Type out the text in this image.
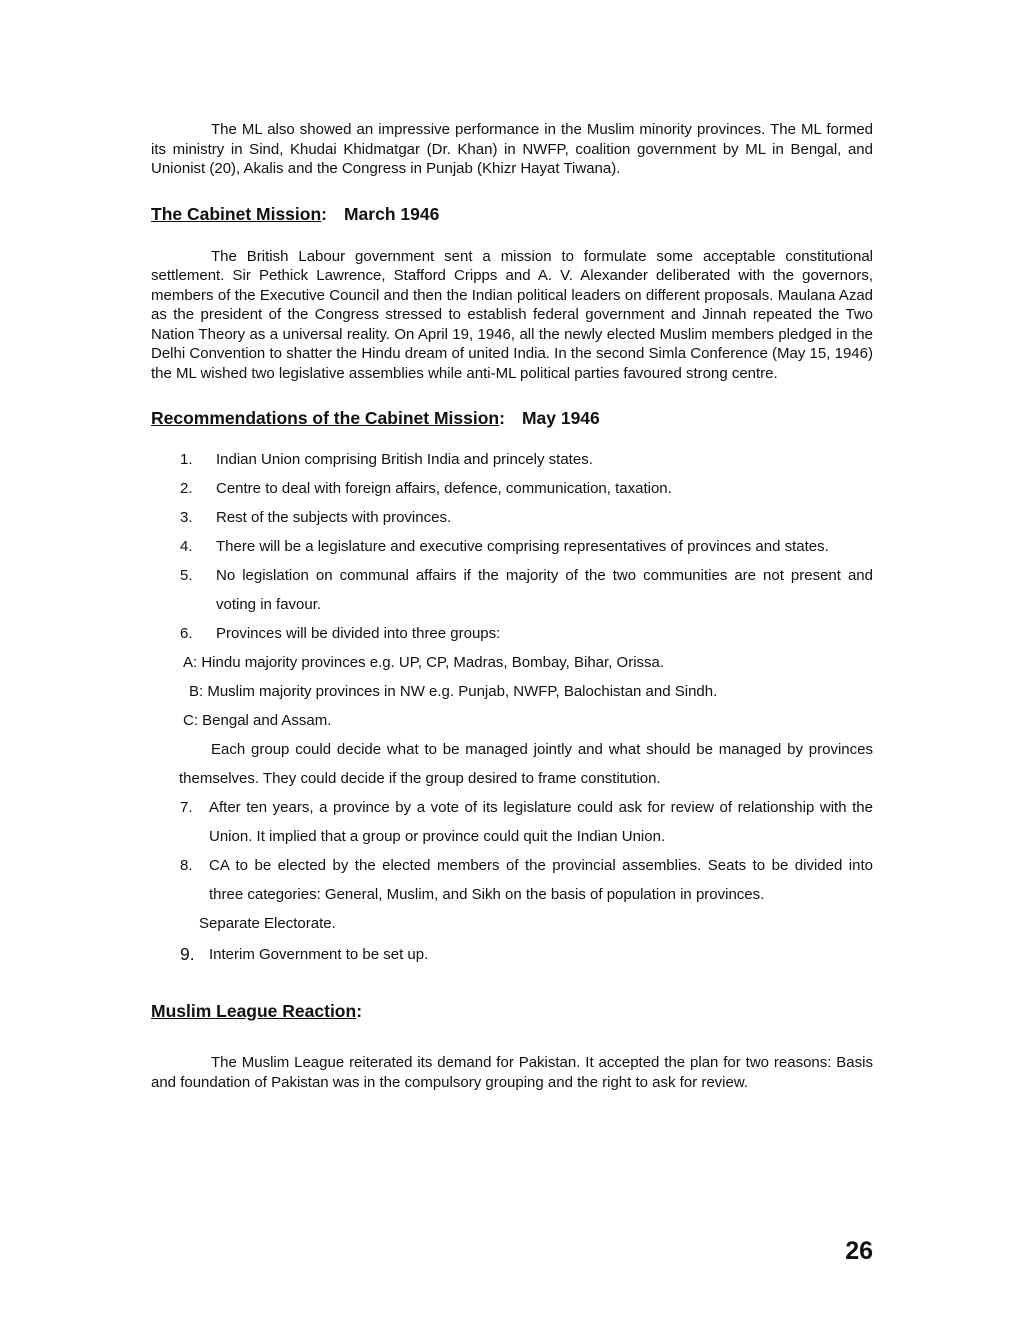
The ML also showed an impressive performance in the Muslim minority provinces. The ML formed its ministry in Sind, Khudai Khidmatgar (Dr. Khan) in NWFP, coalition government by ML in Bengal, and Unionist (20), Akalis and the Congress in Punjab (Khizr Hayat Tiwana).

The Cabinet Mission: March 1946

The British Labour government sent a mission to formulate some acceptable constitutional settlement. Sir Pethick Lawrence, Stafford Cripps and A. V. Alexander deliberated with the governors, members of the Executive Council and then the Indian political leaders on different proposals. Maulana Azad as the president of the Congress stressed to establish federal government and Jinnah repeated the Two Nation Theory as a universal reality. On April 19, 1946, all the newly elected Muslim members pledged in the Delhi Convention to shatter the Hindu dream of united India. In the second Simla Conference (May 15, 1946) the ML wished two legislative assemblies while anti-ML political parties favoured strong centre.

Recommendations of the Cabinet Mission: May 1946
1. Indian Union comprising British India and princely states.
2. Centre to deal with foreign affairs, defence, communication, taxation.
3. Rest of the subjects with provinces.
4. There will be a legislature and executive comprising representatives of provinces and states.
5. No legislation on communal affairs if the majority of the two communities are not present and voting in favour.
6. Provinces will be divided into three groups:

A: Hindu majority provinces e.g. UP, CP, Madras, Bombay, Bihar, Orissa.

B: Muslim majority provinces in NW e.g. Punjab, NWFP, Balochistan and Sindh.

C: Bengal and Assam.

Each group could decide what to be managed jointly and what should be managed by provinces themselves. They could decide if the group desired to frame constitution.

7. After ten years, a province by a vote of its legislature could ask for review of relationship with the Union. It implied that a group or province could quit the Indian Union.
8. CA to be elected by the elected members of the provincial assemblies. Seats to be divided into three categories: General, Muslim, and Sikh on the basis of population in provinces.

Separate Electorate.

9. Interim Government to be set up.
Muslim League Reaction:

The Muslim League reiterated its demand for Pakistan. It accepted the plan for two reasons: Basis and foundation of Pakistan was in the compulsory grouping and the right to ask for review.

26
